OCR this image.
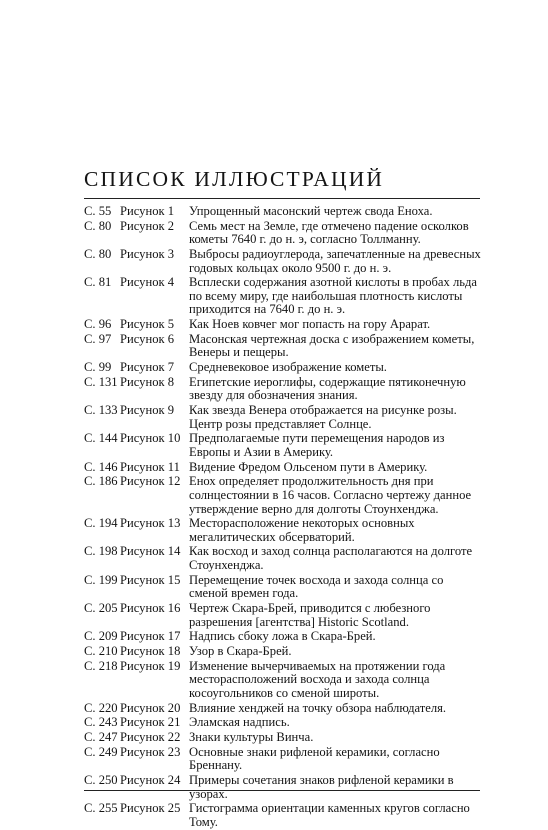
СПИСОК ИЛЛЮСТРАЦИЙ
С. 55 Рисунок 1	Упрощенный масонский чертеж свода Еноха.
С. 80 Рисунок 2	Семь мест на Земле, где отмечено падение осколков кометы 7640 г. до н. э, согласно Толлманну.
С. 80 Рисунок 3	Выбросы радиоуглерода, запечатленные на древесных годовых кольцах около 9500 г. до н. э.
С. 81 Рисунок 4	Всплески содержания азотной кислоты в пробах льда по всему миру, где наибольшая плотность кислоты приходится на 7640 г. до н. э.
С. 96 Рисунок 5	Как Ноев ковчег мог попасть на гору Арарат.
С. 97 Рисунок 6	Масонская чертежная доска с изображением кометы, Венеры и пещеры.
С. 99 Рисунок 7	Средневековое изображение кометы.
С. 131 Рисунок 8	Египетские иероглифы, содержащие пятиконечную звезду для обозначения знания.
С. 133 Рисунок 9	Как звезда Венера отображается на рисунке розы. Центр розы представляет Солнце.
С. 144 Рисунок 10 Предполагаемые пути перемещения народов из Европы и Азии в Америку.
С. 146 Рисунок 11 Видение Фредом Ольсеном пути в Америку.
С. 186 Рисунок 12 Енох определяет продолжительность дня при солнцестоянии в 16 часов. Согласно чертежу данное утверждение верно для долготы Стоунхенджа.
С. 194 Рисунок 13 Месторасположение некоторых основных мегалитических обсерваторий.
С. 198 Рисунок 14 Как восход и заход солнца располагаются на долготе Стоунхенджа.
С. 199 Рисунок 15 Перемещение точек восхода и захода солнца со сменой времен года.
С. 205 Рисунок 16 Чертеж Скара-Брей, приводится с любезного разрешения [агентства] Historic Scotland.
С. 209 Рисунок 17 Надпись сбоку ложа в Скара-Брей.
С. 210 Рисунок 18 Узор в Скара-Брей.
С. 218 Рисунок 19 Изменение вычерчиваемых на протяжении года месторасположений восхода и захода солнца косоугольников со сменой широты.
С. 220 Рисунок 20 Влияние хенджей на точку обзора наблюдателя.
С. 243 Рисунок 21 Эламская надпись.
С. 247 Рисунок 22 Знаки культуры Винча.
С. 249 Рисунок 23 Основные знаки рифленой керамики, согласно Бреннану.
С. 250 Рисунок 24 Примеры сочетания знаков рифленой керамики в узорах.
С. 255 Рисунок 25 Гистограмма ориентации каменных кругов согласно Тому.
